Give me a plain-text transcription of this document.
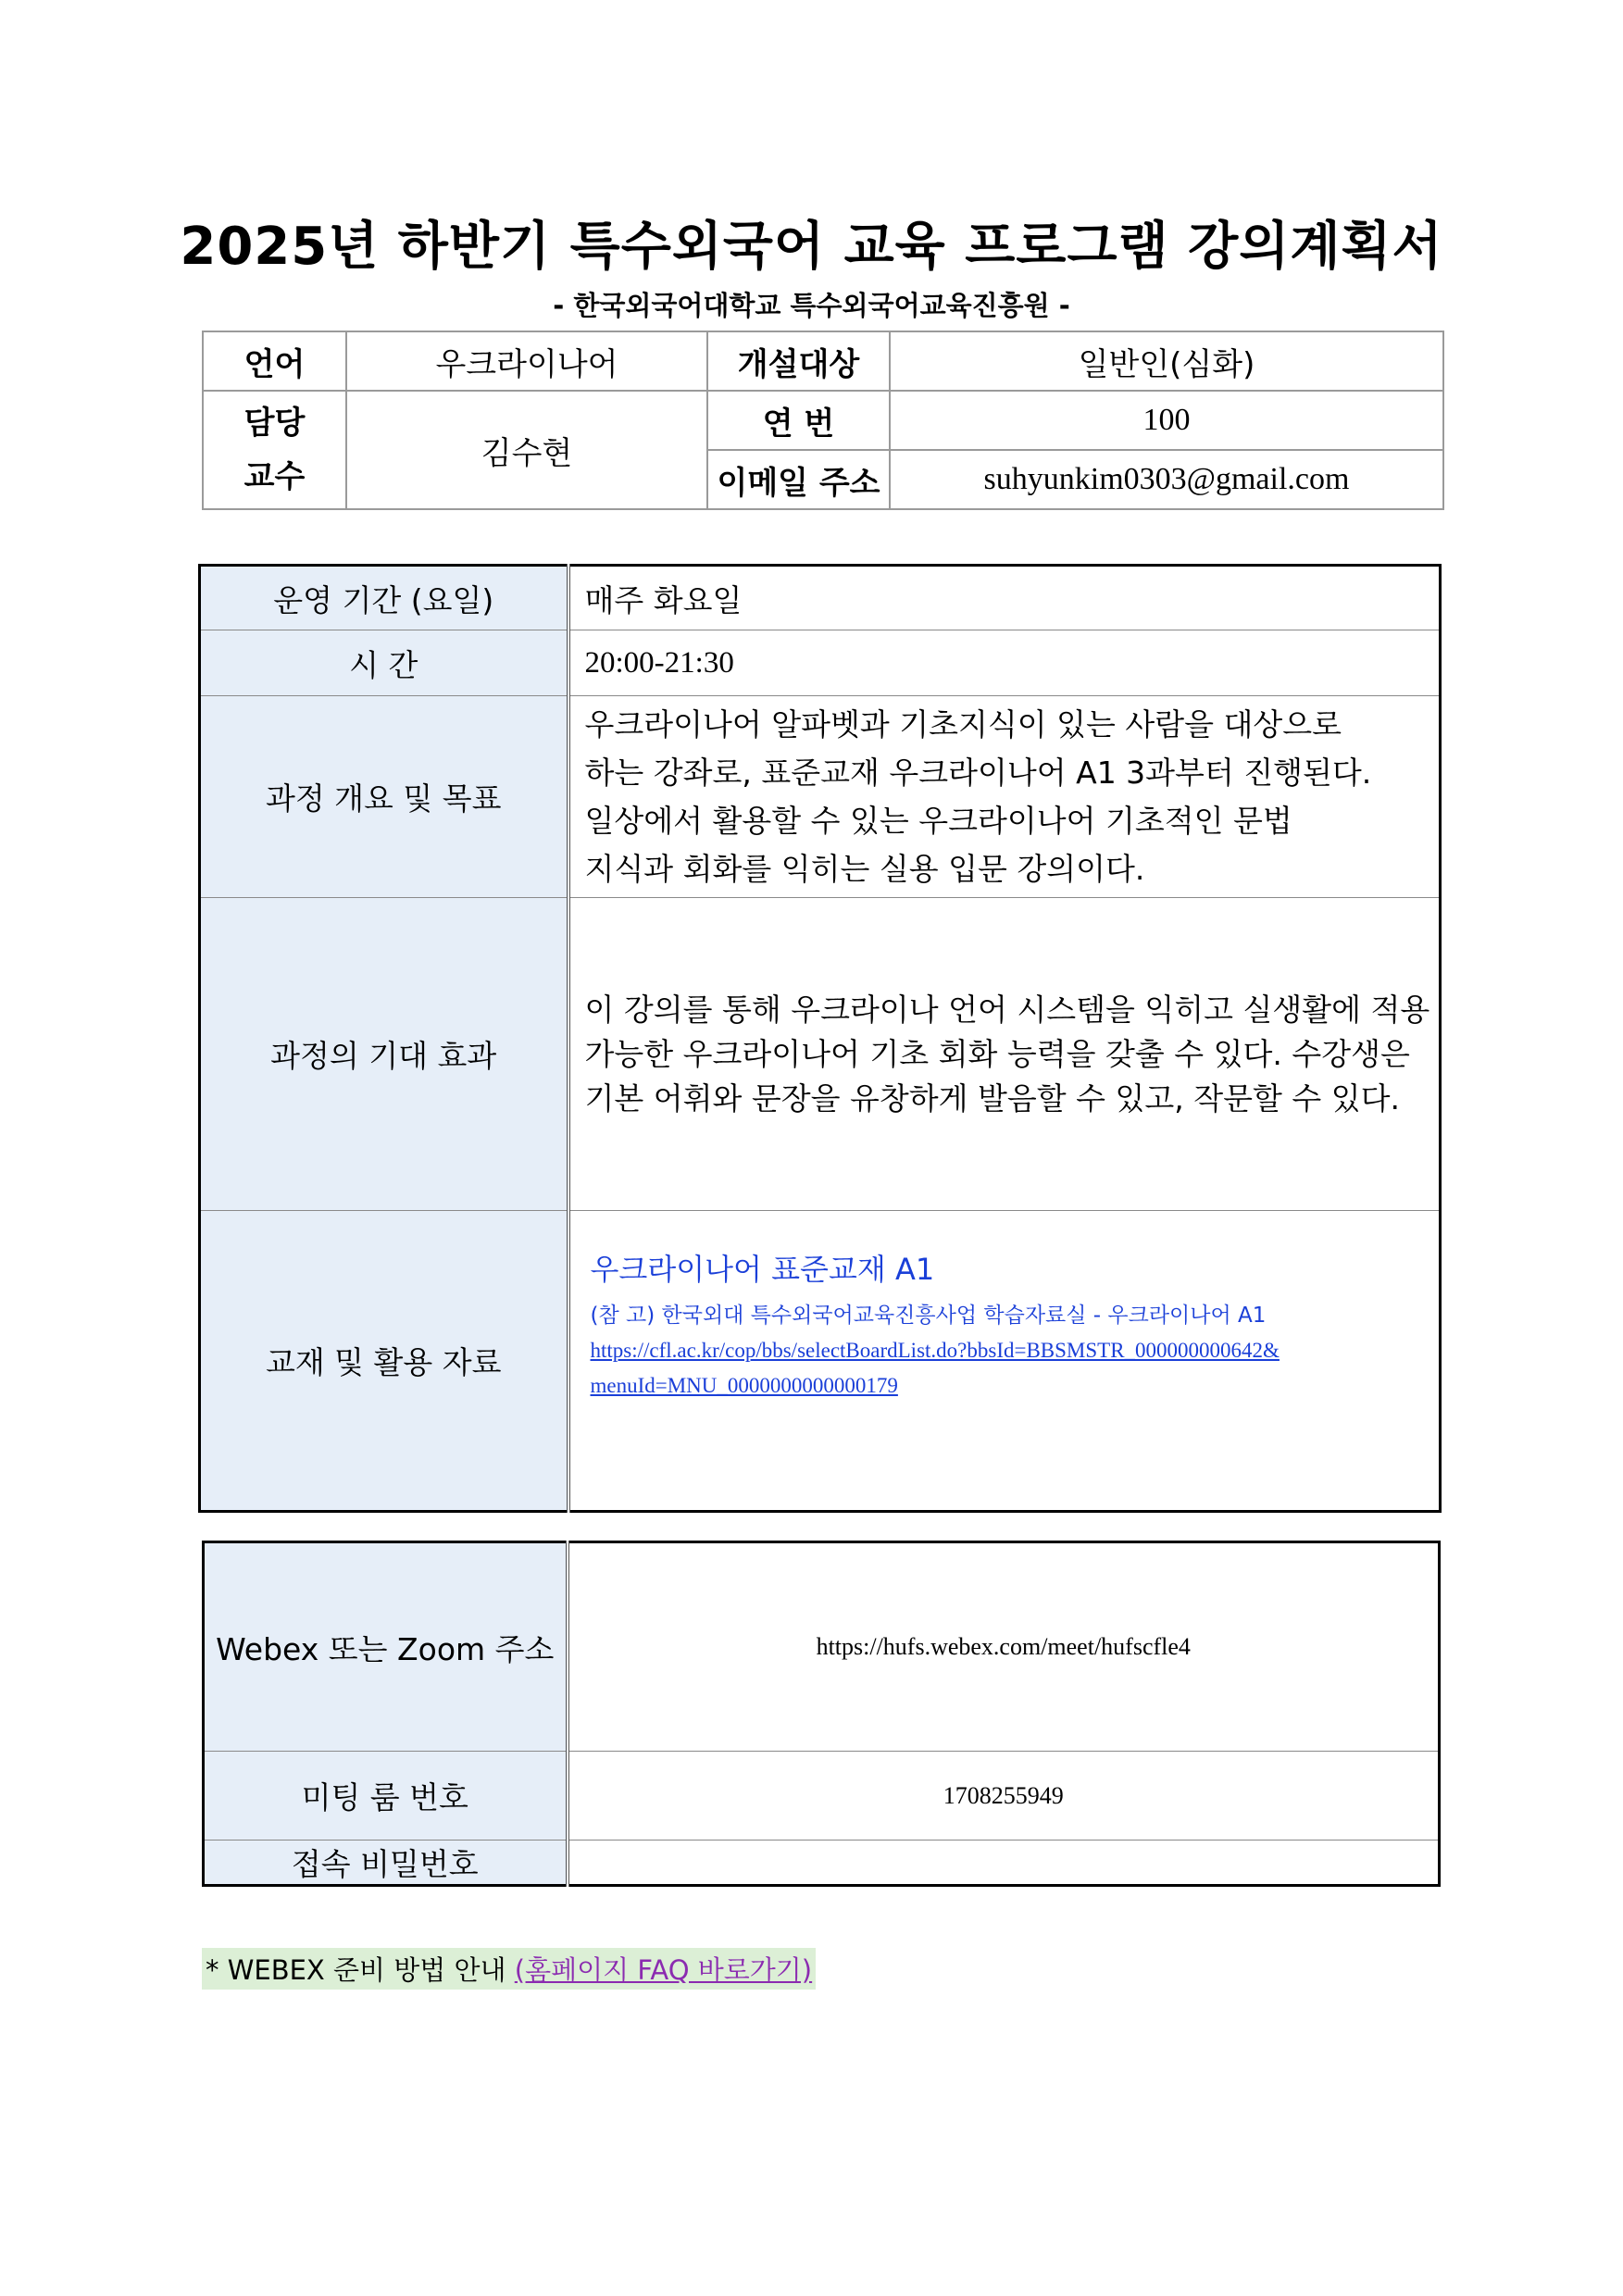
2025년 하반기 특수외국어 교육 프로그램 강의계획서

- 한국외국어대학교 특수외국어교육진흥원 -

언어	우크라이나어	개설대상	일반인(심화)

담당
교수	김수현	연 번	100
		이메일 주소	suhyunkim0303@gmail.com
운영 기간 (요일)	매주 화요일
시 간	20:00-21:30
과정 개요 및 목표	우크라이나어 알파벳과 기초지식이 있는 사람을 대상으로
하는 강좌로, 표준교재 우크라이나어 A1 3과부터 진행된다.
일상에서 활용할 수 있는 우크라이나어 기초적인 문법
지식과 회화를 익히는 실용 입문 강의이다.

과정의 기대 효과	이 강의를 통해 우크라이나 언어 시스템을 익히고 실생활에 적용
가능한 우크라이나어 기초 회화 능력을 갖출 수 있다. 수강생은
기본 어휘와 문장을 유창하게 발음할 수 있고, 작문할 수 있다.

교재 및 활용 자료	우크라이나어 표준교재 A1
(참 고) 한국외대 특수외국어교육진흥사업 학습자료실 - 우크라이나어 A1
https://cfl.ac.kr/cop/bbs/selectBoardList.do?bbsId=BBSMSTR_000000000642&
menuId=MNU_0000000000000179
Webex 또는 Zoom 주소	https://hufs.webex.com/meet/hufscfle4
미팅 룸 번호	1708255949
접속 비밀번호	

* WEBEX 준비 방법 안내 (홈페이지 FAQ 바로가기)
